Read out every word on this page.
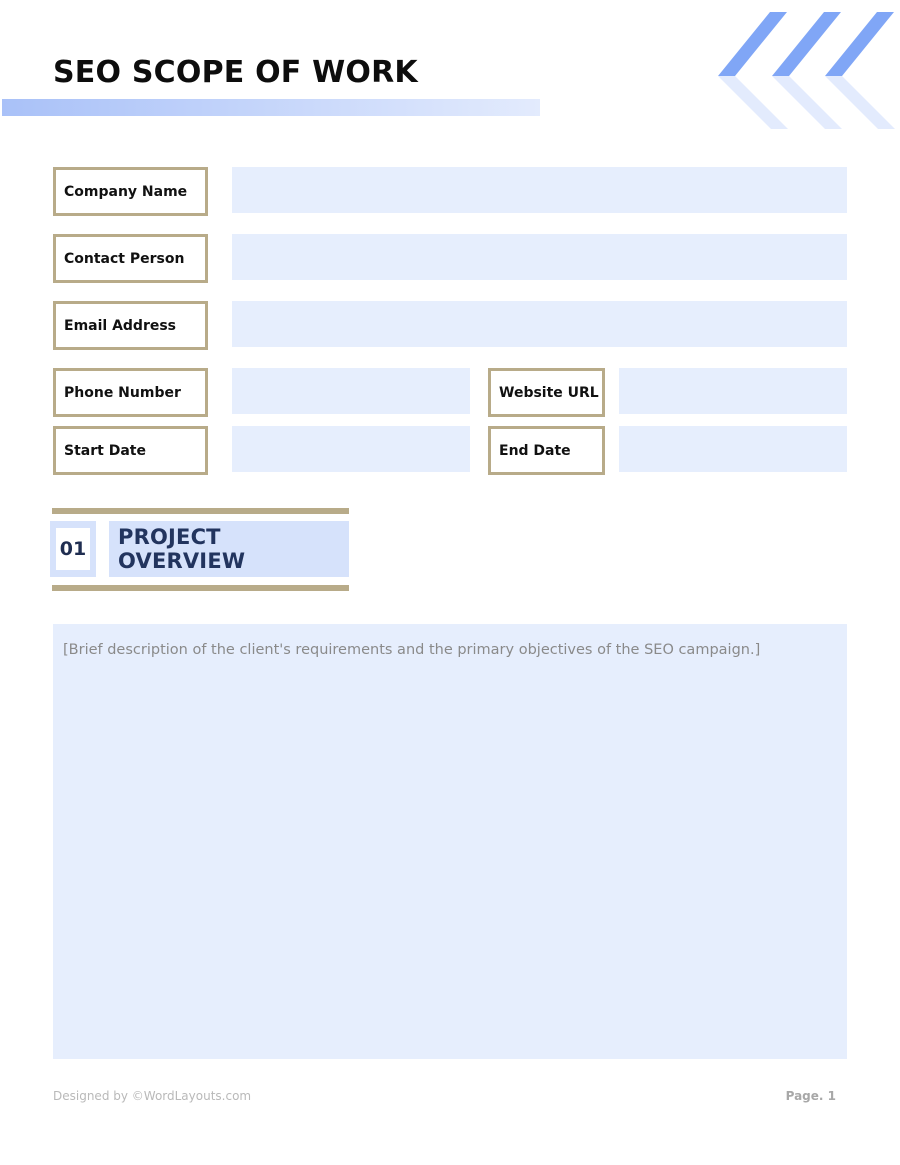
SEO SCOPE OF WORK
Company Name
Contact Person
Email Address
Phone Number	Website URL
Start Date	End Date
01	PROJECT OVERVIEW
[Brief description of the client's requirements and the primary objectives of the SEO campaign.]
Designed by ©WordLayouts.com	Page. 1
